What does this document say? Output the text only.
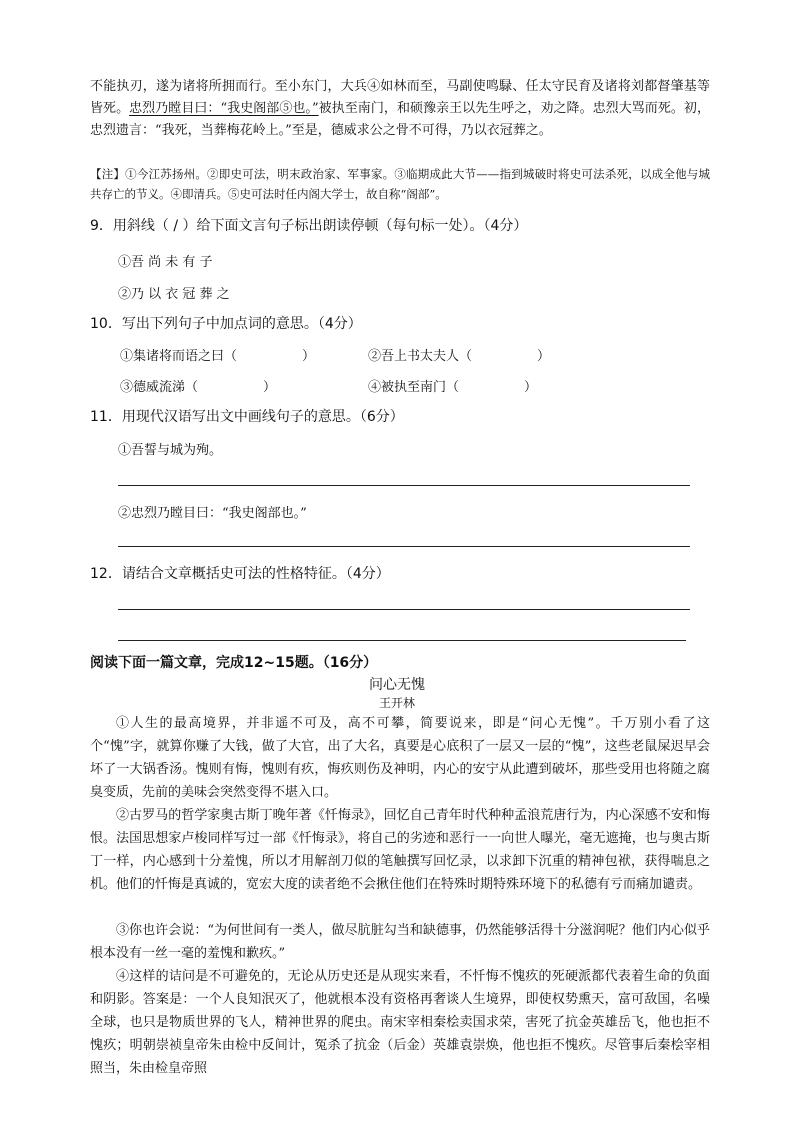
不能执刃，遂为诸将所拥而行。至小东门，大兵④如林而至，马副使鸣騄、任太守民育及诸将刘都督肇基等皆死。忠烈乃瞠目曰：“我史阁部⑤也。”被执至南门，和硕豫亲王以先生呼之，劝之降。忠烈大骂而死。初，忠烈遗言：“我死，当葬梅花岭上。”至是，德威求公之骨不可得，乃以衣冠葬之。

【注】①今江苏扬州。②即史可法，明末政治家、军事家。③临期成此大节——指到城破时将史可法杀死，以成全他与城共存亡的节义。④即清兵。⑤史可法时任内阁大学士，故自称“阁部”。

9．用斜线（ / ）给下面文言句子标出朗读停顿（每句标一处）。（4分）
①吾 尚 未 有 子
②乃 以 衣 冠 葬 之
10．写出下列句子中加点词的意思。（4分）
①集诸将而语之曰（　　　　　）	②吾上书太夫人（　　　　　）
③德威流涕（　　　　　）	④被执至南门（　　　　　）
11．用现代汉语写出文中画线句子的意思。（6分）
①吾誓与城为殉。
②忠烈乃瞠目曰：“我史阁部也。”
12．请结合文章概括史可法的性格特征。（4分）
阅读下面一篇文章，完成12~15题。（16分）
问心无愧
王开林

①人生的最高境界，并非遥不可及，高不可攀，简要说来，即是“问心无愧”。千万别小看了这个“愧”字，就算你赚了大钱，做了大官，出了大名，真要是心底积了一层又一层的“愧”，这些老鼠屎迟早会坏了一大锅香汤。愧则有悔，愧则有疚，悔疚则伤及神明，内心的安宁从此遭到破坏，那些受用也将随之腐臭变质，先前的美味会突然变得不堪入口。

②古罗马的哲学家奥古斯丁晚年著《忏悔录》，回忆自己青年时代种种孟浪荒唐行为，内心深感不安和悔恨。法国思想家卢梭同样写过一部《忏悔录》，将自己的劣迹和恶行一一向世人曝光，毫无遮掩，也与奥古斯丁一样，内心感到十分羞愧，所以才用解剖刀似的笔触撰写回忆录，以求卸下沉重的精神包袱，获得喘息之机。他们的忏悔是真诚的，宽宏大度的读者绝不会揪住他们在特殊时期特殊环境下的私德有亏而痛加谴责。

③你也许会说：“为何世间有一类人，做尽肮脏勾当和缺德事，仍然能够活得十分滋润呢？他们内心似乎根本没有一丝一毫的羞愧和歉疚。”

④这样的诘问是不可避免的，无论从历史还是从现实来看，不忏悔不愧疚的死硬派都代表着生命的负面和阴影。答案是：一个人良知泯灭了，他就根本没有资格再奢谈人生境界，即使权势熏天，富可敌国，名噪全球，也只是物质世界的飞人，精神世界的爬虫。南宋宰相秦桧卖国求荣，害死了抗金英雄岳飞，他也拒不愧疚；明朝崇祯皇帝朱由检中反间计，冤杀了抗金（后金）英雄袁崇焕，他也拒不愧疚。尽管事后秦桧宰相照当，朱由检皇帝照
